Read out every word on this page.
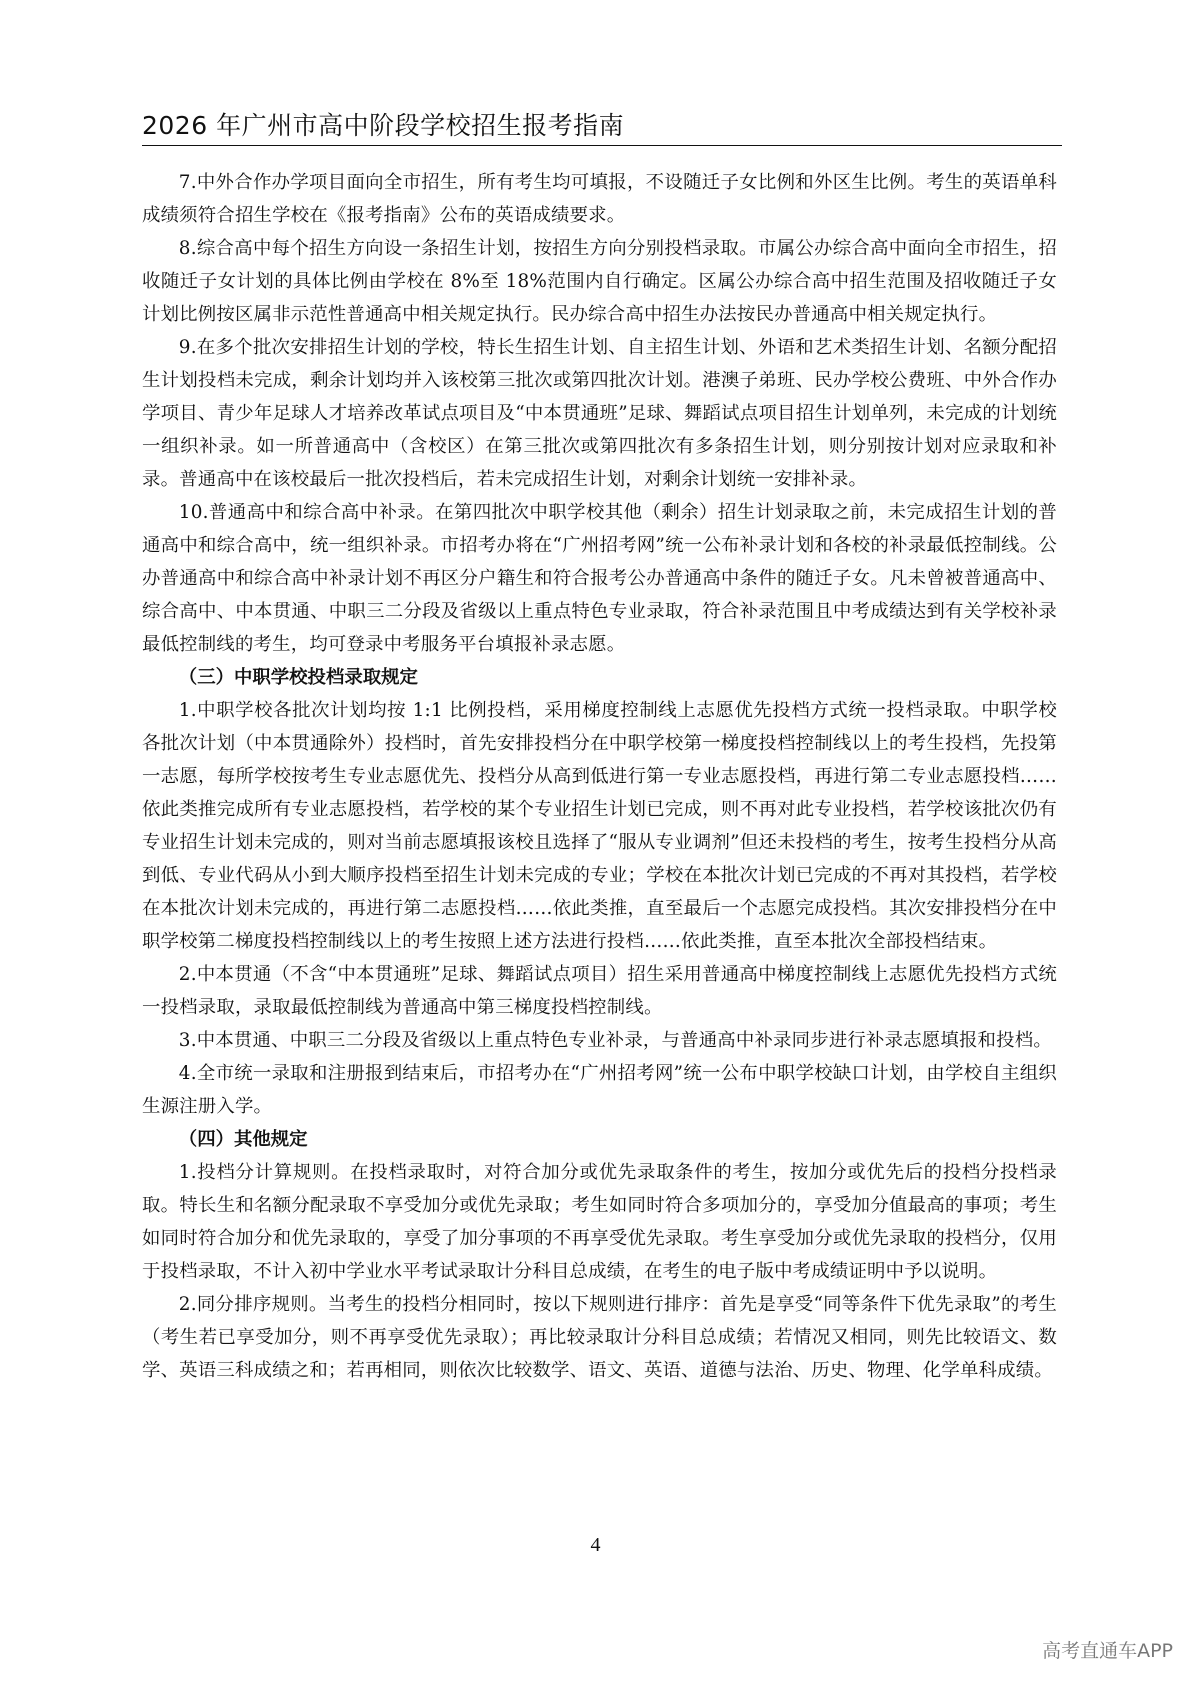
2026 年广州市高中阶段学校招生报考指南

7.中外合作办学项目面向全市招生，所有考生均可填报，不设随迁子女比例和外区生比例。考生的英语单科成绩须符合招生学校在《报考指南》公布的英语成绩要求。

8.综合高中每个招生方向设一条招生计划，按招生方向分别投档录取。市属公办综合高中面向全市招生，招收随迁子女计划的具体比例由学校在 8%至 18%范围内自行确定。区属公办综合高中招生范围及招收随迁子女计划比例按区属非示范性普通高中相关规定执行。民办综合高中招生办法按民办普通高中相关规定执行。

9.在多个批次安排招生计划的学校，特长生招生计划、自主招生计划、外语和艺术类招生计划、名额分配招生计划投档未完成，剩余计划均并入该校第三批次或第四批次计划。港澳子弟班、民办学校公费班、中外合作办学项目、青少年足球人才培养改革试点项目及“中本贯通班”足球、舞蹈试点项目招生计划单列，未完成的计划统一组织补录。如一所普通高中（含校区）在第三批次或第四批次有多条招生计划，则分别按计划对应录取和补录。普通高中在该校最后一批次投档后，若未完成招生计划，对剩余计划统一安排补录。

10.普通高中和综合高中补录。在第四批次中职学校其他（剩余）招生计划录取之前，未完成招生计划的普通高中和综合高中，统一组织补录。市招考办将在“广州招考网”统一公布补录计划和各校的补录最低控制线。公办普通高中和综合高中补录计划不再区分户籍生和符合报考公办普通高中条件的随迁子女。凡未曾被普通高中、综合高中、中本贯通、中职三二分段及省级以上重点特色专业录取，符合补录范围且中考成绩达到有关学校补录最低控制线的考生，均可登录中考服务平台填报补录志愿。

（三）中职学校投档录取规定

1.中职学校各批次计划均按 1:1 比例投档，采用梯度控制线上志愿优先投档方式统一投档录取。中职学校各批次计划（中本贯通除外）投档时，首先安排投档分在中职学校第一梯度投档控制线以上的考生投档，先投第一志愿，每所学校按考生专业志愿优先、投档分从高到低进行第一专业志愿投档，再进行第二专业志愿投档……依此类推完成所有专业志愿投档，若学校的某个专业招生计划已完成，则不再对此专业投档，若学校该批次仍有专业招生计划未完成的，则对当前志愿填报该校且选择了“服从专业调剂”但还未投档的考生，按考生投档分从高到低、专业代码从小到大顺序投档至招生计划未完成的专业；学校在本批次计划已完成的不再对其投档，若学校在本批次计划未完成的，再进行第二志愿投档……依此类推，直至最后一个志愿完成投档。其次安排投档分在中职学校第二梯度投档控制线以上的考生按照上述方法进行投档……依此类推，直至本批次全部投档结束。

2.中本贯通（不含“中本贯通班”足球、舞蹈试点项目）招生采用普通高中梯度控制线上志愿优先投档方式统一投档录取，录取最低控制线为普通高中第三梯度投档控制线。

3.中本贯通、中职三二分段及省级以上重点特色专业补录，与普通高中补录同步进行补录志愿填报和投档。

4.全市统一录取和注册报到结束后，市招考办在“广州招考网”统一公布中职学校缺口计划，由学校自主组织生源注册入学。

（四）其他规定

1.投档分计算规则。在投档录取时，对符合加分或优先录取条件的考生，按加分或优先后的投档分投档录取。特长生和名额分配录取不享受加分或优先录取；考生如同时符合多项加分的，享受加分值最高的事项；考生如同时符合加分和优先录取的，享受了加分事项的不再享受优先录取。考生享受加分或优先录取的投档分，仅用于投档录取，不计入初中学业水平考试录取计分科目总成绩，在考生的电子版中考成绩证明中予以说明。

2.同分排序规则。当考生的投档分相同时，按以下规则进行排序：首先是享受“同等条件下优先录取”的考生（考生若已享受加分，则不再享受优先录取）；再比较录取计分科目总成绩；若情况又相同，则先比较语文、数学、英语三科成绩之和；若再相同，则依次比较数学、语文、英语、道德与法治、历史、物理、化学单科成绩。

4
高考直通车APP
